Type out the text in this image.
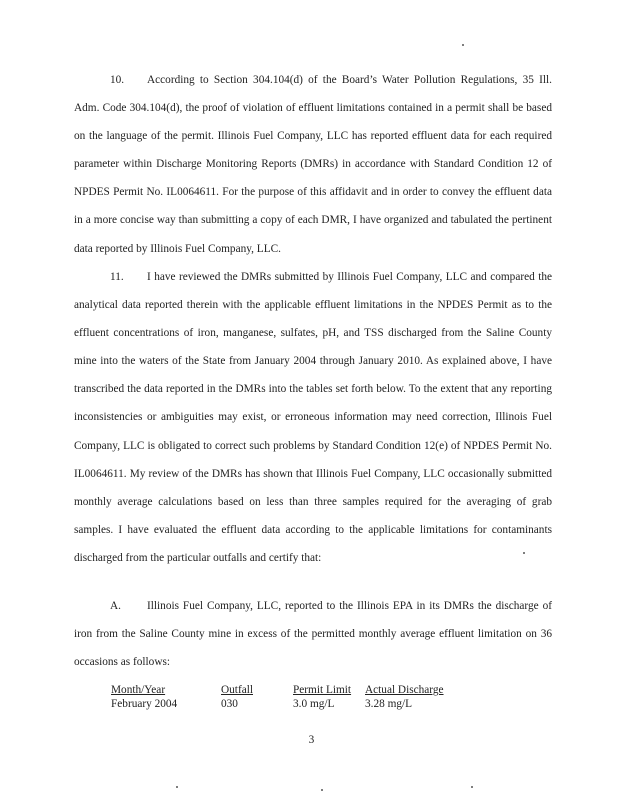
10. According to Section 304.104(d) of the Board’s Water Pollution Regulations, 35 Ill. Adm. Code 304.104(d), the proof of violation of effluent limitations contained in a permit shall be based on the language of the permit. Illinois Fuel Company, LLC has reported effluent data for each required parameter within Discharge Monitoring Reports (DMRs) in accordance with Standard Condition 12 of NPDES Permit No. IL0064611. For the purpose of this affidavit and in order to convey the effluent data in a more concise way than submitting a copy of each DMR, I have organized and tabulated the pertinent data reported by Illinois Fuel Company, LLC.

11. I have reviewed the DMRs submitted by Illinois Fuel Company, LLC and compared the analytical data reported therein with the applicable effluent limitations in the NPDES Permit as to the effluent concentrations of iron, manganese, sulfates, pH, and TSS discharged from the Saline County mine into the waters of the State from January 2004 through January 2010. As explained above, I have transcribed the data reported in the DMRs into the tables set forth below. To the extent that any reporting inconsistencies or ambiguities may exist, or erroneous information may need correction, Illinois Fuel Company, LLC is obligated to correct such problems by Standard Condition 12(e) of NPDES Permit No. IL0064611. My review of the DMRs has shown that Illinois Fuel Company, LLC occasionally submitted monthly average calculations based on less than three samples required for the averaging of grab samples. I have evaluated the effluent data according to the applicable limitations for contaminants discharged from the particular outfalls and certify that:

A. Illinois Fuel Company, LLC, reported to the Illinois EPA in its DMRs the discharge of iron from the Saline County mine in excess of the permitted monthly average effluent limitation on 36 occasions as follows:

Month/Year	Outfall	Permit Limit	Actual Discharge
February 2004	030	3.0 mg/L	3.28 mg/L
3
